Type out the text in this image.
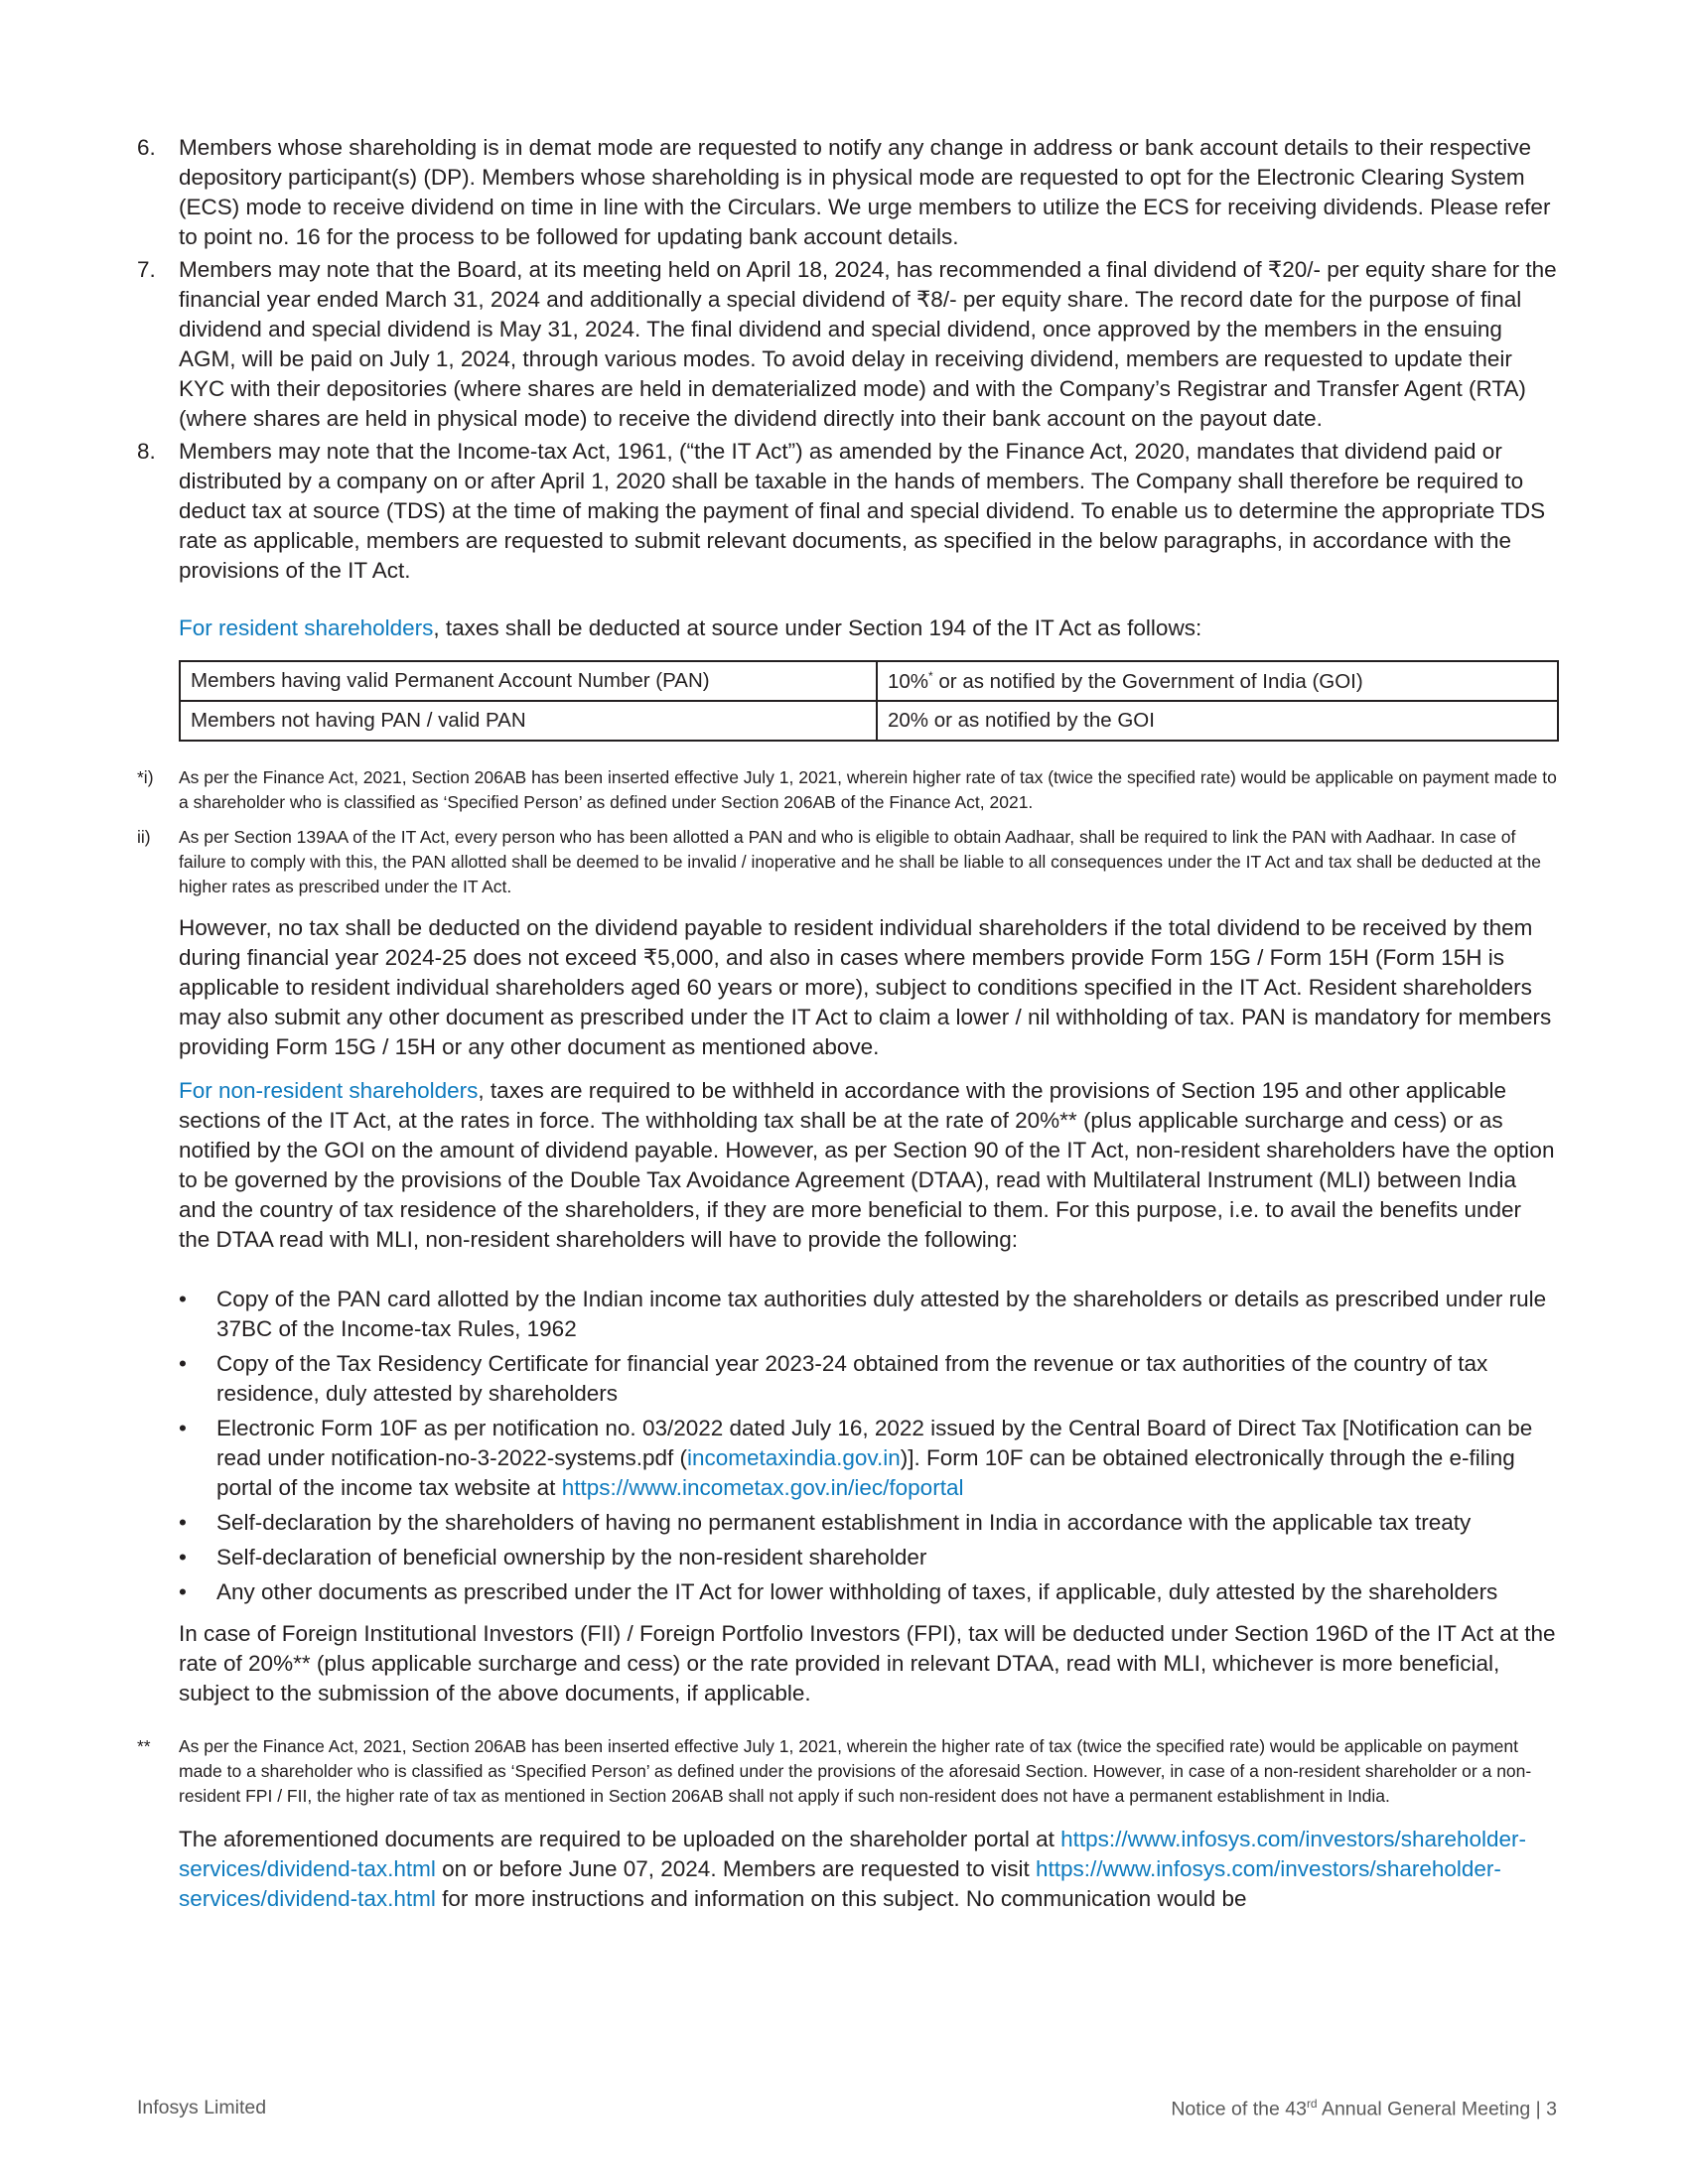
6.	Members whose shareholding is in demat mode are requested to notify any change in address or bank account details to their respective depository participant(s) (DP). Members whose shareholding is in physical mode are requested to opt for the Electronic Clearing System (ECS) mode to receive dividend on time in line with the Circulars. We urge members to utilize the ECS for receiving dividends. Please refer to point no. 16 for the process to be followed for updating bank account details.

7.	Members may note that the Board, at its meeting held on April 18, 2024, has recommended a final dividend of ₹20/- per equity share for the financial year ended March 31, 2024 and additionally a special dividend of ₹8/- per equity share. The record date for the purpose of final dividend and special dividend is May 31, 2024. The final dividend and special dividend, once approved by the members in the ensuing AGM, will be paid on July 1, 2024, through various modes. To avoid delay in receiving dividend, members are requested to update their KYC with their depositories (where shares are held in dematerialized mode) and with the Company’s Registrar and Transfer Agent (RTA) (where shares are held in physical mode) to receive the dividend directly into their bank account on the payout date.

8.	Members may note that the Income-tax Act, 1961, (“the IT Act”) as amended by the Finance Act, 2020, mandates that dividend paid or distributed by a company on or after April 1, 2020 shall be taxable in the hands of members. The Company shall therefore be required to deduct tax at source (TDS) at the time of making the payment of final and special dividend. To enable us to determine the appropriate TDS rate as applicable, members are requested to submit relevant documents, as specified in the below paragraphs, in accordance with the provisions of the IT Act.

For resident shareholders, taxes shall be deducted at source under Section 194 of the IT Act as follows:

Members having valid Permanent Account Number (PAN)	10%* or as notified by the Government of India (GOI)
Members not having PAN / valid PAN	20% or as notified by the GOI
*i)	As per the Finance Act, 2021, Section 206AB has been inserted effective July 1, 2021, wherein higher rate of tax (twice the specified rate) would be applicable on payment made to a shareholder who is classified as ‘Specified Person’ as defined under Section 206AB of the Finance Act, 2021.

ii)	As per Section 139AA of the IT Act, every person who has been allotted a PAN and who is eligible to obtain Aadhaar, shall be required to link the PAN with Aadhaar. In case of failure to comply with this, the PAN allotted shall be deemed to be invalid / inoperative and he shall be liable to all consequences under the IT Act and tax shall be deducted at the higher rates as prescribed under the IT Act.

However, no tax shall be deducted on the dividend payable to resident individual shareholders if the total dividend to be received by them during financial year 2024-25 does not exceed ₹5,000, and also in cases where members provide Form 15G / Form 15H (Form 15H is applicable to resident individual shareholders aged 60 years or more), subject to conditions specified in the IT Act. Resident shareholders may also submit any other document as prescribed under the IT Act to claim a lower / nil withholding of tax. PAN is mandatory for members providing Form 15G / 15H or any other document as mentioned above.

For non-resident shareholders, taxes are required to be withheld in accordance with the provisions of Section 195 and other applicable sections of the IT Act, at the rates in force. The withholding tax shall be at the rate of 20%** (plus applicable surcharge and cess) or as notified by the GOI on the amount of dividend payable. However, as per Section 90 of the IT Act, non-resident shareholders have the option to be governed by the provisions of the Double Tax Avoidance Agreement (DTAA), read with Multilateral Instrument (MLI) between India and the country of tax residence of the shareholders, if they are more beneficial to them. For this purpose, i.e. to avail the benefits under the DTAA read with MLI, non-resident shareholders will have to provide the following:

•	Copy of the PAN card allotted by the Indian income tax authorities duly attested by the shareholders or details as prescribed under rule 37BC of the Income-tax Rules, 1962

•	Copy of the Tax Residency Certificate for financial year 2023-24 obtained from the revenue or tax authorities of the country of tax residence, duly attested by shareholders

•	Electronic Form 10F as per notification no. 03/2022 dated July 16, 2022 issued by the Central Board of Direct Tax [Notification can be read under notification-no-3-2022-systems.pdf (incometaxindia.gov.in)]. Form 10F can be obtained electronically through the e-filing portal of the income tax website at https://www.incometax.gov.in/iec/foportal

•	Self-declaration by the shareholders of having no permanent establishment in India in accordance with the applicable tax treaty

•	Self-declaration of beneficial ownership by the non-resident shareholder

•	Any other documents as prescribed under the IT Act for lower withholding of taxes, if applicable, duly attested by the shareholders

In case of Foreign Institutional Investors (FII) / Foreign Portfolio Investors (FPI), tax will be deducted under Section 196D of the IT Act at the rate of 20%** (plus applicable surcharge and cess) or the rate provided in relevant DTAA, read with MLI, whichever is more beneficial, subject to the submission of the above documents, if applicable.

**	As per the Finance Act, 2021, Section 206AB has been inserted effective July 1, 2021, wherein the higher rate of tax (twice the specified rate) would be applicable on payment made to a shareholder who is classified as ‘Specified Person’ as defined under the provisions of the aforesaid Section. However, in case of a non-resident shareholder or a non-resident FPI / FII, the higher rate of tax as mentioned in Section 206AB shall not apply if such non-resident does not have a permanent establishment in India.

The aforementioned documents are required to be uploaded on the shareholder portal at https://www.infosys.com/investors/shareholder-services/dividend-tax.html on or before June 07, 2024. Members are requested to visit https://www.infosys.com/investors/shareholder-services/dividend-tax.html for more instructions and information on this subject. No communication would be

Infosys Limited	Notice of the 43rd Annual General Meeting | 3
